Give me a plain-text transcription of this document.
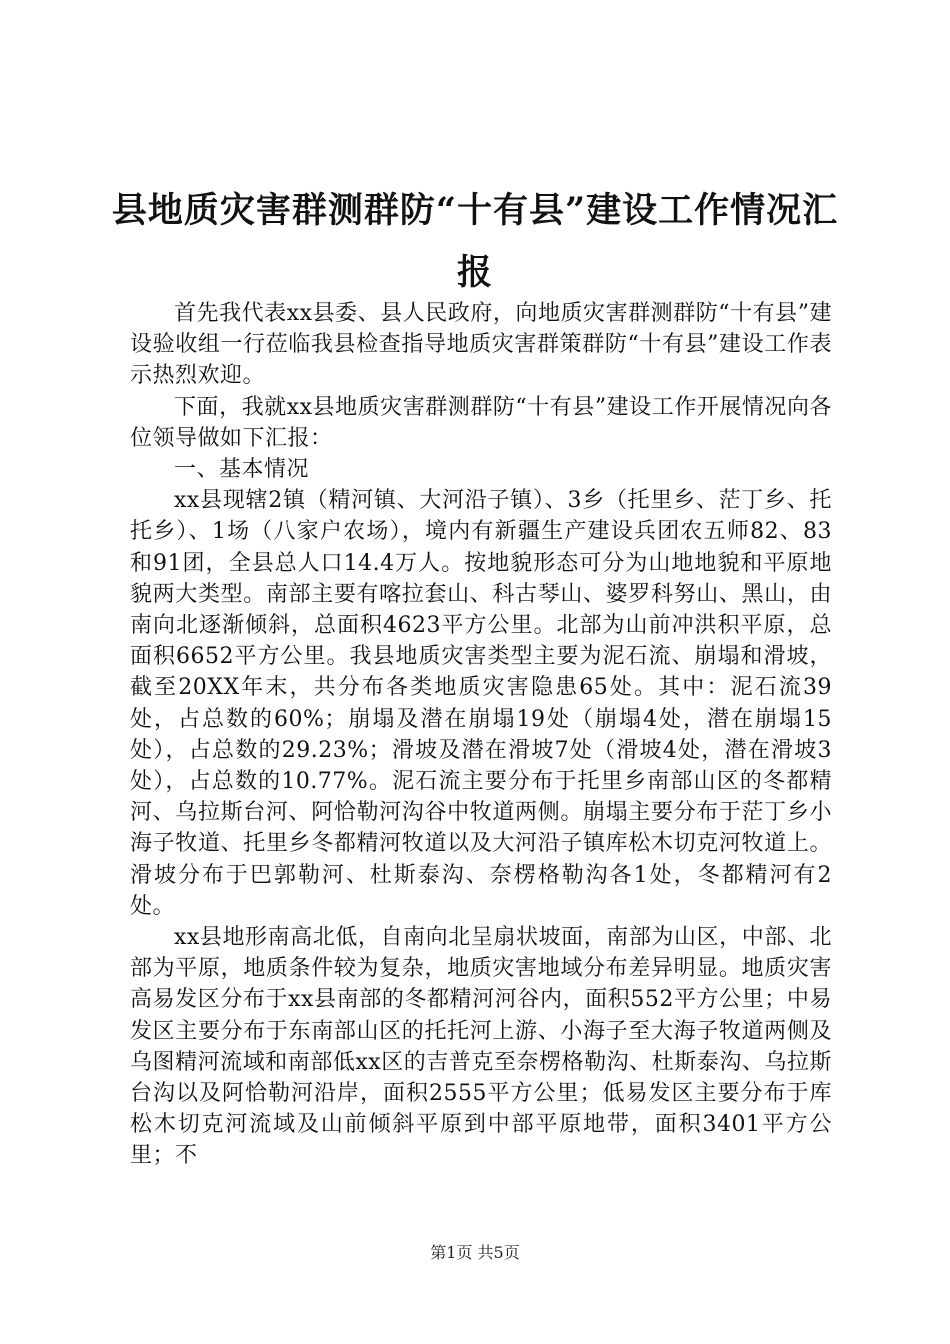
县地质灾害群测群防“十有县”建设工作情况汇报

首先我代表xx县委、县人民政府，向地质灾害群测群防“十有县”建设验收组一行莅临我县检查指导地质灾害群策群防“十有县”建设工作表示热烈欢迎。

下面，我就xx县地质灾害群测群防“十有县”建设工作开展情况向各位领导做如下汇报：

一、基本情况

xx县现辖2镇（精河镇、大河沿子镇）、3乡（托里乡、茫丁乡、托托乡）、1场（八家户农场），境内有新疆生产建设兵团农五师82、83和91团，全县总人口14.4万人。按地貌形态可分为山地地貌和平原地貌两大类型。南部主要有喀拉套山、科古琴山、婆罗科努山、黑山，由南向北逐渐倾斜，总面积4623平方公里。北部为山前冲洪积平原，总面积6652平方公里。我县地质灾害类型主要为泥石流、崩塌和滑坡，截至20XX年末，共分布各类地质灾害隐患65处。其中：泥石流39处，占总数的60%；崩塌及潜在崩塌19处（崩塌4处，潜在崩塌15处），占总数的29.23%；滑坡及潜在滑坡7处（滑坡4处，潜在滑坡3处），占总数的10.77%。泥石流主要分布于托里乡南部山区的冬都精河、乌拉斯台河、阿恰勒河沟谷中牧道两侧。崩塌主要分布于茫丁乡小海子牧道、托里乡冬都精河牧道以及大河沿子镇库松木切克河牧道上。滑坡分布于巴郭勒河、杜斯泰沟、奈楞格勒沟各1处，冬都精河有2处。

xx县地形南高北低，自南向北呈扇状坡面，南部为山区，中部、北部为平原，地质条件较为复杂，地质灾害地域分布差异明显。地质灾害高易发区分布于xx县南部的冬都精河河谷内，面积552平方公里；中易发区主要分布于东南部山区的托托河上游、小海子至大海子牧道两侧及乌图精河流域和南部低xx区的吉普克至奈楞格勒沟、杜斯泰沟、乌拉斯台沟以及阿恰勒河沿岸，面积2555平方公里；低易发区主要分布于库松木切克河流域及山前倾斜平原到中部平原地带，面积3401平方公里；不

第1页 共5页
